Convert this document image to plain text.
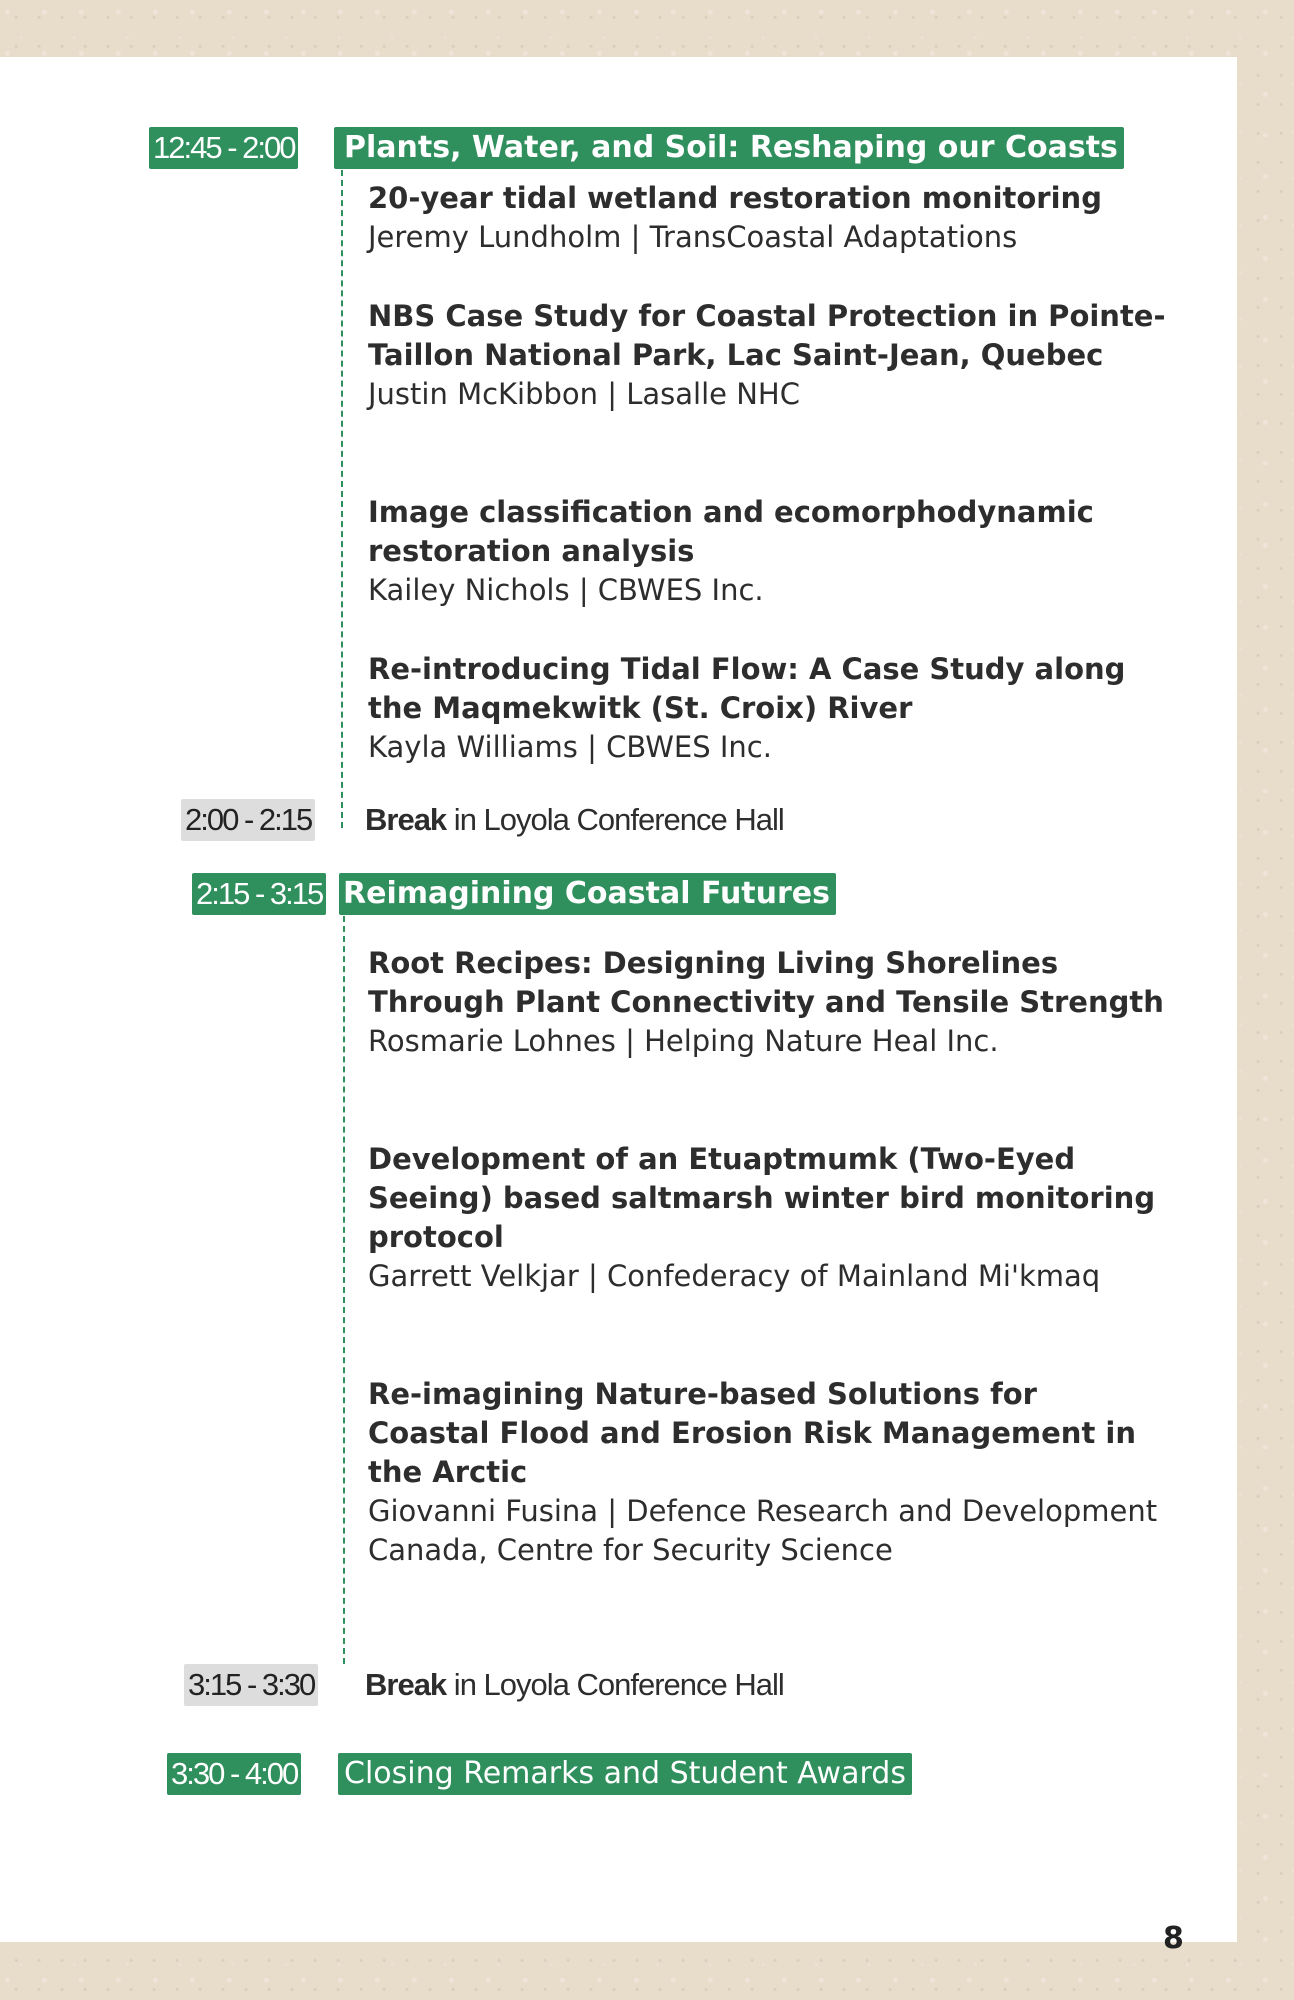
12:45 - 2:00	Plants, Water, and Soil: Reshaping our Coasts
20-year tidal wetland restoration monitoring
Jeremy Lundholm | TransCoastal Adaptations
NBS Case Study for Coastal Protection in Pointe-Taillon National Park, Lac Saint-Jean, Quebec
Justin McKibbon | Lasalle NHC
Image classification and ecomorphodynamic restoration analysis
Kailey Nichols | CBWES Inc.
Re-introducing Tidal Flow: A Case Study along the Maqmekwitk (St. Croix) River
Kayla Williams | CBWES Inc.
2:00 - 2:15 Break in Loyola Conference Hall
2:15 - 3:15 Reimagining Coastal Futures
Root Recipes: Designing Living Shorelines Through Plant Connectivity and Tensile Strength
Rosmarie Lohnes | Helping Nature Heal Inc.
Development of an Etuaptmumk (Two-Eyed Seeing) based saltmarsh winter bird monitoring protocol
Garrett Velkjar | Confederacy of Mainland Mi'kmaq
Re-imagining Nature-based Solutions for Coastal Flood and Erosion Risk Management in the Arctic
Giovanni Fusina | Defence Research and Development Canada, Centre for Security Science
3:15 - 3:30 Break in Loyola Conference Hall
3:30 - 4:00 Closing Remarks and Student Awards
8
